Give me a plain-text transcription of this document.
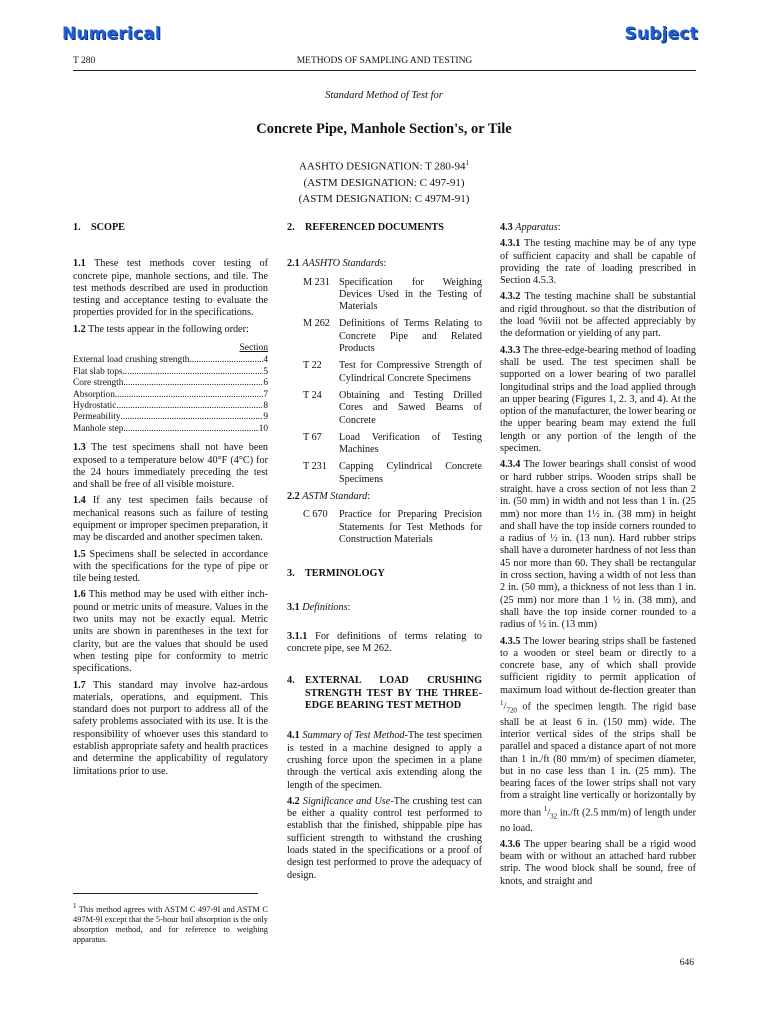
Numerical	Subject
T 280	METHODS OF SAMPLING AND TESTING
Standard Method of Test for
Concrete Pipe, Manhole Section's, or Tile
AASHTO DESIGNATION: T $280-94^1$
(ASTM DESIGNATION: C 497-91)
(ASTM DESIGNATION: C 497M-91)
1.	SCOPE

1.1 These test methods cover testing of concrete pipe, manhole sections, and tile. The test methods described are used in production testing and acceptance testing to evaluate the properties provided for in the specifications.

1.2 The tests appear in the following order:

Section
External load crushing strength .....	4
Flat slab tops .....	5
Core strength .....	6
Absorption .....	7
Hydrostatic .....	8
Permeability .....	9
Manhole step .....	10

1.3 The test specimens shall not have been exposed to a temperature below 40°F (4°C) for the 24 hours immediately preceding the test and shall be free of all visible moisture.

1.4 If any test specimen fails because of mechanical reasons such as failure of testing equipment or improper specimen preparation, it may be discarded and another specimen taken.

1.5 Specimens shall be selected in accordance with the specifications for the type of pipe or tile being tested.

1.6 This method may be used with either inch-pound or metric units of measure. Values in the two units may not be exactly equal. Metric units are shown in parentheses in the text for clarity, but are the values that should be used when testing pipe for conformity to metric specifications.

1.7 This standard may involve haz-ardous materials, operations, and equipment. This standard does not purport to address all of the safety problems associated with its use. It is the responsibility of whoever uses this standard to establish appropriate safety and health practices and determine the applicability of regulatory limitations prior to use.

$^1$ This method agrees with ASTM C 497-9I and ASTM C 497M-9I except that the 5-hour boil absorption is the only absorption method, and for reference to weighing apparatus.
2.	REFERENCED DOCUMENTS

2.1 AASHTO Standards:

M 231 Specification for Weighing Devices Used in the Testing of Materials
M 262 Definitions of Terms Relating to Concrete Pipe and Related Products
T 22	Test for Compressive Strength of Cylindrical Concrete Specimens
T 24	Obtaining and Testing Drilled Cores and Sawed Beams of Concrete
T 67	Load Verification of Testing Machines
T 231	Capping Cylindrical Concrete Specimens

2.2 ASTM Standard:

C 670	Practice for Preparing Precision Statements for Test Methods for Construction Materials
3.	TERMINOLOGY

3.1 Definitions:

3.1.1 For definitions of terms relating to concrete pipe, see M 262.

4.	EXTERNAL LOAD CRUSHING STRENGTH TEST BY THE THREE-EDGE BEARING TEST METHOD

4.1 Summary of Test Method-The test specimen is tested in a machine designed to apply a crushing force upon the specimen in a plane through the vertical axis extending along the length of the specimen.

4.2 Significance and Use-The crushing test can be either a quality control test performed to establish that the finished, shippable pipe has sufficient strength to withstand the crushing loads stated in the specifications or a proof of design test performed to prove the adequacy of design.

4.3 Apparatus:

4.3.1 The testing machine may be of any type of sufficient capacity and shall be capable of providing the rate of loading prescribed in Section 4.5.3.

4.3.2 The testing machine shall be substantial and rigid throughout. so that the distribution of the load %viii not be affected appreciably by the deformation or yielding of any part.

4.3.3 The three-edge-bearing method of loading shall be used. The test specimen shall be supported on a lower bearing of two parallel longitudinal strips and the load applied through an upper bearing (Figures 1, 2. 3, and 4). At the option of the manufacturer, the lower bearing or the upper bearing beam may extend the full length or any portion of the length of the specimen.

4.3.4 The lower bearings shall consist of wood or hard rubber strips. Wooden strips shall be straight. have a cross section of not less than 2 in. (50 mm) in width and not less than 1 in. (25 mm) nor more than 1½ in. (38 mm) in height and shall have the top inside corners rounded to a radius of ½ in. (13 nun). Hard rubber strips shall have a durometer hardness of not less than 45 nor more than 60. They shall be rectangular in cross section, having a width of not less than 2 in. (50 mm), a thickness of not less than 1 in. (25 mm) nor more than 1 ½ in. (38 mm), and shall have the top inside corner rounded to a radius of ½ in. (13 mm)

4.3.5 The lower bearing strips shall be fastened to a wooden or steel beam or directly to a concrete base, any of which shall provide sufficient rigidity to permit application of maximum load without de-flection greater than $^1/_{720}$ of the specimen length. The rigid base shall be at least 6 in. (150 mm) wide. The interior vertical sides of the strips shall be parallel and spaced a distance apart of not more than 1 in./ft (80 mm/m) of specimen diameter, but in no case less than 1 in. (25 mm). The bearing faces of the lower strips shall not vary from a straight line vertically or horizontally by more than $^1/_{32}$ in./ft (2.5 mm/m) of length under no load.

4.3.6 The upper bearing shall be a rigid wood beam with or without an attached hard rubber strip. The wood block shall be sound, free of knots, and straight and

646
